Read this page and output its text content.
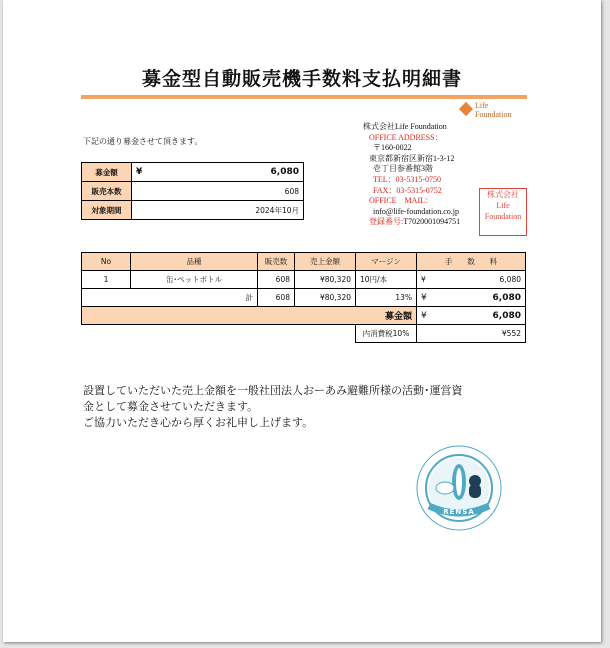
募金型自動販売機手数料支払明細書
Life
Foundation
下記の通り募金させて頂きます。
株式会社Life Foundation
OFFICE ADDRESS：
〒160-0022
東京都新宿区新宿1-3-12
壱丁目参番館3階
TEL：03-5315-0750
FAX：03-5315-0752
OFFICE　MAIL：
info@life-foundation.co.jp
登録番号:T7020001094751
株式会社
Life
Foundation
募金額	¥ 6,080
販売本数	608
対象期間	2024年10月
No	品種	販売数	売上金額	マージン	手　　数　　料
1	缶･ペットボトル	608	¥80,320	10円/本	¥ 6,080
計		608	¥80,320	13%	¥ 6,080
募金額					¥ 6,080
				内消費税10%	¥552
設置していただいた売上金額を一般社団法人おーあみ避難所様の活動･運営資
金として募金させていただきます。
ご協力いただき心から厚くお礼申し上げます。
RENSA
